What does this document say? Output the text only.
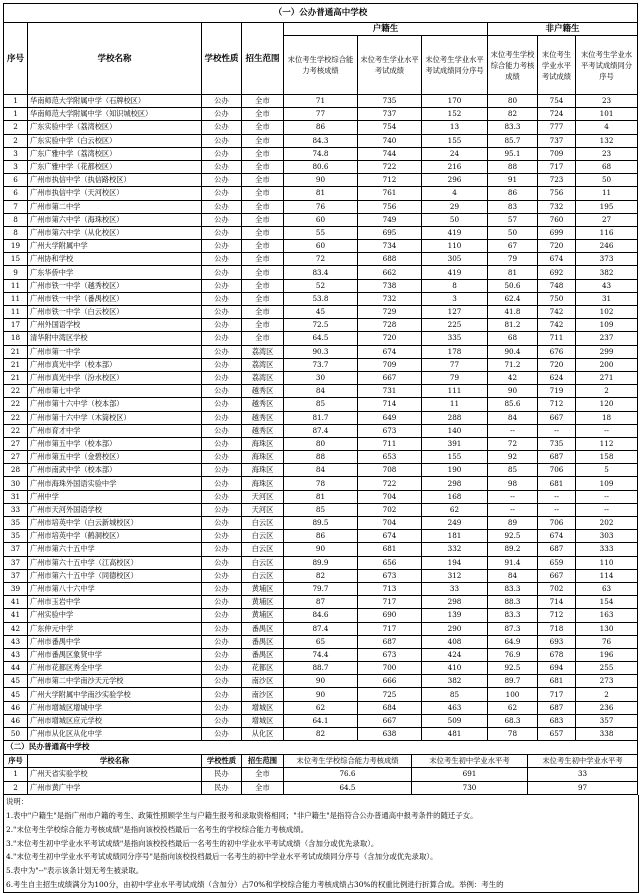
（一）公办普通高中学校									
序号	学校名称	学校性质	招生范围	户籍生			非户籍生		
				末位考生学校综合能力考核成绩	末位考生学业水平考试成绩	末位考生学业水平考试成绩同分序号	末位考生学校综合能力考核成绩	末位考生学业水平考试成绩	末位考生学业水平考试成绩同分序号
1	华南师范大学附属中学（石牌校区）	公办	全市	71	735	170	80	754	23
1	华南师范大学附属中学（知识城校区）	公办	全市	77	737	152	82	724	101
2	广东实验中学（荔湾校区）	公办	全市	86	754	13	83.3	777	4
2	广东实验中学（白云校区）	公办	全市	84.3	740	155	85.7	737	132
3	广东广雅中学（荔湾校区）	公办	全市	74.8	744	24	95.1	709	23
3	广东广雅中学（花都校区）	公办	全市	80.6	722	216	88	717	68
6	广州市执信中学（执信路校区）	公办	全市	90	712	296	91	723	50
6	广州市执信中学（天河校区）	公办	全市	81	761	4	86	756	11
7	广州市第二中学	公办	全市	76	756	29	83	732	195
8	广州市第六中学（海珠校区）	公办	全市	60	749	50	57	760	27
8	广州市第六中学（从化校区）	公办	全市	55	695	419	50	699	116
19	广州大学附属中学	公办	全市	60	734	110	67	720	246
15	广州协和学校	公办	全市	72	688	305	79	674	373
9	广东华侨中学	公办	全市	83.4	662	419	81	692	382
11	广州市铁一中学（越秀校区）	公办	全市	52	738	8	50.6	748	43
11	广州市铁一中学（番禺校区）	公办	全市	53.8	732	3	62.4	750	31
11	广州市铁一中学（白云校区）	公办	全市	45	729	127	41.8	742	102
17	广州外国语学校	公办	全市	72.5	728	225	81.2	742	109
18	清华附中湾区学校	公办	全市	64.5	720	335	68	711	237
21	广州市第一中学	公办	荔湾区	90.3	674	178	90.4	676	299
21	广州市真光中学（校本部）	公办	荔湾区	73.7	709	77	71.2	720	200
21	广州市真光中学（汾水校区）	公办	荔湾区	30	667	79	42	624	271
22	广州市第七中学	公办	越秀区	84	731	111	90	719	2
22	广州市第十六中学（校本部）	公办	越秀区	85	714	11	85.6	712	120
22	广州市第十六中学（木筒校区）	公办	越秀区	81.7	649	288	84	667	18
22	广州市育才中学	公办	越秀区	87.4	673	140	--	--	--
27	广州市第五中学（校本部）	公办	海珠区	80	711	391	72	735	112
27	广州市第五中学（金碧校区）	公办	海珠区	88	653	155	92	687	158
28	广州市南武中学（校本部）	公办	海珠区	84	708	190	85	706	5
30	广州市海珠外国语实验中学	公办	海珠区	78	722	298	98	681	109
31	广州中学	公办	天河区	81	704	168	--	--	--
33	广州市天河外国语学校	公办	天河区	85	702	62	--	--	--
35	广州市培英中学（白云新城校区）	公办	白云区	89.5	704	249	89	706	202
35	广州市培英中学（鹤洞校区）	公办	白云区	86	674	181	92.5	674	303
37	广州市第六十五中学	公办	白云区	90	681	332	89.2	687	333
37	广州市第六十五中学（江高校区）	公办	白云区	89.9	656	194	91.4	659	110
37	广州市第六十五中学（同德校区）	公办	白云区	82	673	312	84	667	114
39	广州市第八十六中学	公办	黄埔区	79.7	713	33	83.3	702	63
41	广州市玉岩中学	公办	黄埔区	87	717	298	88.3	714	154
41	广州实验中学	公办	黄埔区	84.6	690	139	83.3	712	163
42	广东仲元中学	公办	番禺区	87.4	717	290	87.3	718	130
43	广州市番禺中学	公办	番禺区	65	687	408	64.9	693	76
43	广州市番禺区象贤中学	公办	番禺区	74.4	673	424	76.9	678	196
44	广州市花都区秀全中学	公办	花都区	88.7	700	410	92.5	694	255
45	广州市第二中学南沙天元学校	公办	南沙区	90	666	382	89.7	681	273
45	广州大学附属中学南沙实验学校	公办	南沙区	90	725	85	100	717	2
46	广州市增城区增城中学	公办	增城区	62	684	463	62	687	236
46	广州市增城区应元学校	公办	增城区	64.1	667	509	68.3	683	357
50	广州市从化区从化中学	公办	从化区	82	638	481	78	657	338
（二）民办普通高中学校						
序号	学校名称	学校性质	招生范围	末位考生学校综合能力考核成绩	末位考生初中学业水平考	末位考生初中学业水平考
1	广州天省实验学校	民办	全市	76.6	691	33
2	广州市黄广中学	民办	全市	64.5	730	97
说明：
1.表中"户籍生"是指广州市户籍的考生、政策性照顾学生与户籍生报考和录取资格相同；"非户籍生"是指符合公办普通高中报考条件的随迁子女。
2."末位考生学校综合能力考核成绩"是指向该校投档最后一名考生的学校综合能力考核成绩。
3."末位考生初中学业水平考试成绩"是指向该校投档最后一名考生的初中学业水平考试成绩（含加分或优先录取）。
4."末位考生初中学业水平考试成绩同分序号"是指向该校投档最后一名考生的初中学业水平考试成绩同分序号（含加分或优先录取）。
5.表中为"--"表示该条计划无考生被录取。
6.考生自主招生成绩满分为100分，由初中学业水平考试成绩（含加分）占70%和学校综合能力考核成绩占30%的权重比例进行折算合成。举例：考生的
